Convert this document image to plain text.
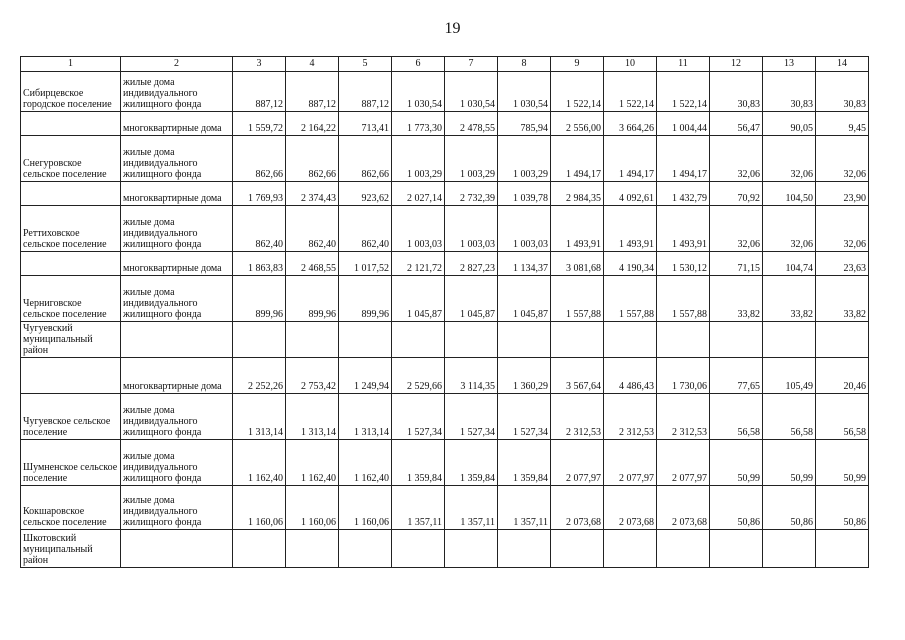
19
1	2	3	4	5	6	7	8	9	10	11	12	13	14
Сибирцевское городское поселение	жилые дома индивидуального жилищного фонда	887,12	887,12	887,12	1 030,54	1 030,54	1 030,54	1 522,14	1 522,14	1 522,14	30,83	30,83	30,83
	многоквартирные дома	1 559,72	2 164,22	713,41	1 773,30	2 478,55	785,94	2 556,00	3 664,26	1 004,44	56,47	90,05	9,45
Снегуровское сельское поселение	жилые дома индивидуального жилищного фонда	862,66	862,66	862,66	1 003,29	1 003,29	1 003,29	1 494,17	1 494,17	1 494,17	32,06	32,06	32,06
	многоквартирные дома	1 769,93	2 374,43	923,62	2 027,14	2 732,39	1 039,78	2 984,35	4 092,61	1 432,79	70,92	104,50	23,90
Реттиховское сельское поселение	жилые дома индивидуального жилищного фонда	862,40	862,40	862,40	1 003,03	1 003,03	1 003,03	1 493,91	1 493,91	1 493,91	32,06	32,06	32,06
	многоквартирные дома	1 863,83	2 468,55	1 017,52	2 121,72	2 827,23	1 134,37	3 081,68	4 190,34	1 530,12	71,15	104,74	23,63
Черниговское сельское поселение	жилые дома индивидуального жилищного фонда	899,96	899,96	899,96	1 045,87	1 045,87	1 045,87	1 557,88	1 557,88	1 557,88	33,82	33,82	33,82
Чугуевский муниципальный район													
	многоквартирные дома	2 252,26	2 753,42	1 249,94	2 529,66	3 114,35	1 360,29	3 567,64	4 486,43	1 730,06	77,65	105,49	20,46
Чугуевское сельское поселение	жилые дома индивидуального жилищного фонда	1 313,14	1 313,14	1 313,14	1 527,34	1 527,34	1 527,34	2 312,53	2 312,53	2 312,53	56,58	56,58	56,58
Шумненское сельское поселение	жилые дома индивидуального жилищного фонда	1 162,40	1 162,40	1 162,40	1 359,84	1 359,84	1 359,84	2 077,97	2 077,97	2 077,97	50,99	50,99	50,99
Кокшаровское сельское поселение	жилые дома индивидуального жилищного фонда	1 160,06	1 160,06	1 160,06	1 357,11	1 357,11	1 357,11	2 073,68	2 073,68	2 073,68	50,86	50,86	50,86
Шкотовский муниципальный район													
